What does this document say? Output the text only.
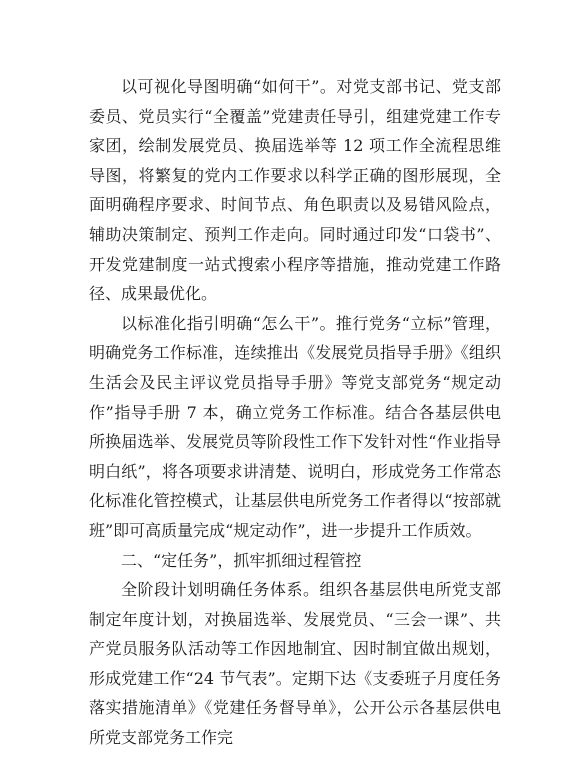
以可视化导图明确“如何干”。对党支部书记、党支部委员、党员实行“全覆盖”党建责任导引，组建党建工作专家团，绘制发展党员、换届选举等 12 项工作全流程思维导图，将繁复的党内工作要求以科学正确的图形展现，全面明确程序要求、时间节点、角色职责以及易错风险点，辅助决策制定、预判工作走向。同时通过印发“口袋书”、开发党建制度一站式搜索小程序等措施，推动党建工作路径、成果最优化。

以标准化指引明确“怎么干”。推行党务“立标”管理，明确党务工作标准，连续推出《发展党员指导手册》《组织生活会及民主评议党员指导手册》等党支部党务“规定动作”指导手册 7 本，确立党务工作标准。结合各基层供电所换届选举、发展党员等阶段性工作下发针对性“作业指导明白纸”，将各项要求讲清楚、说明白，形成党务工作常态化标准化管控模式，让基层供电所党务工作者得以“按部就班”即可高质量完成“规定动作”，进一步提升工作质效。

二、“定任务”，抓牢抓细过程管控

全阶段计划明确任务体系。组织各基层供电所党支部制定年度计划，对换届选举、发展党员、“三会一课”、共产党员服务队活动等工作因地制宜、因时制宜做出规划，形成党建工作“24 节气表”。定期下达《支委班子月度任务落实措施清单》《党建任务督导单》，公开公示各基层供电所党支部党务工作完
